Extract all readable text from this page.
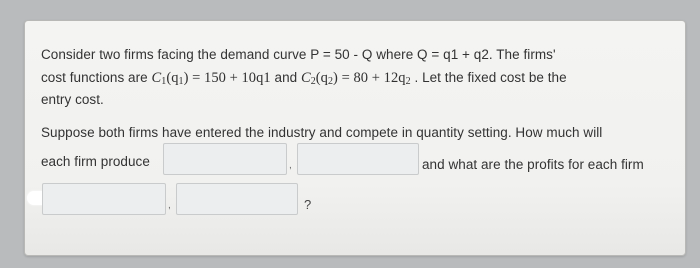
Consider two firms facing the demand curve P = 50 - Q where Q = q1 + q2. The firms'
cost functions are $C_1(q_1) = 150 + 10q1$ and $C_2(q_2) = 80 + 12q_2$ . Let the fixed cost be the
entry cost.
Suppose both firms have entered the industry and compete in quantity setting. How much will
each firm produce	,	and what are the profits for each firm
,	?
